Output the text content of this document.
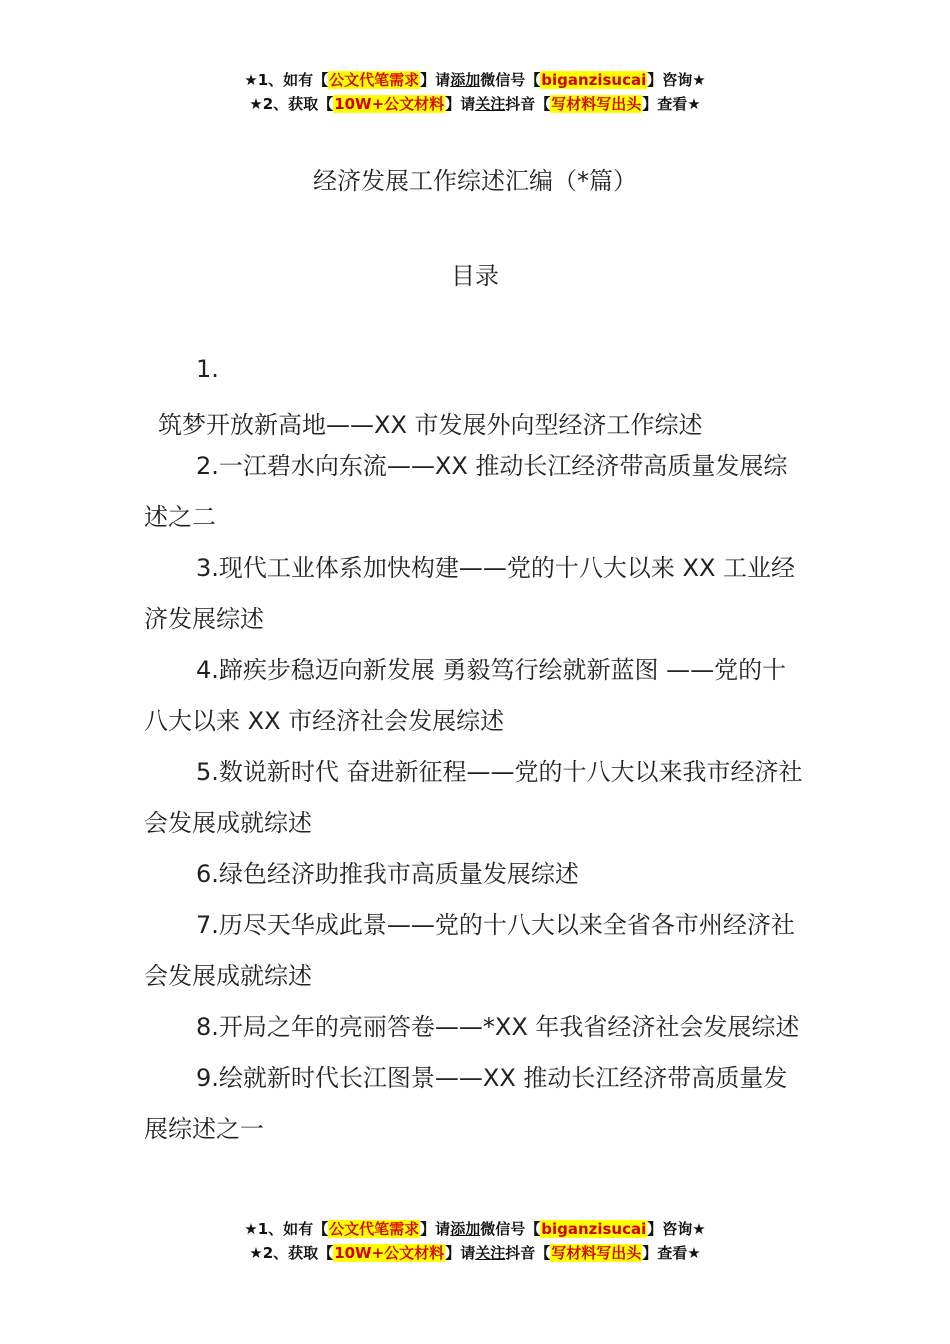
★1、如有【公文代笔需求】请添加微信号【biganzisucai】咨询★
★2、获取【10W+公文材料】请关注抖音【写材料写出头】查看★
经济发展工作综述汇编（*篇）
目录
1.
筑梦开放新高地——XX 市发展外向型经济工作综述

2.一江碧水向东流——XX 推动长江经济带高质量发展综述之二

3.现代工业体系加快构建——党的十八大以来 XX 工业经济发展综述

4.蹄疾步稳迈向新发展 勇毅笃行绘就新蓝图 ——党的十八大以来 XX 市经济社会发展综述

5.数说新时代 奋进新征程——党的十八大以来我市经济社会发展成就综述

6.绿色经济助推我市高质量发展综述

7.历尽天华成此景——党的十八大以来全省各市州经济社会发展成就综述

8.开局之年的亮丽答卷——*XX 年我省经济社会发展综述

9.绘就新时代长江图景——XX 推动长江经济带高质量发展综述之一

★1、如有【公文代笔需求】请添加微信号【biganzisucai】咨询★
★2、获取【10W+公文材料】请关注抖音【写材料写出头】查看★
